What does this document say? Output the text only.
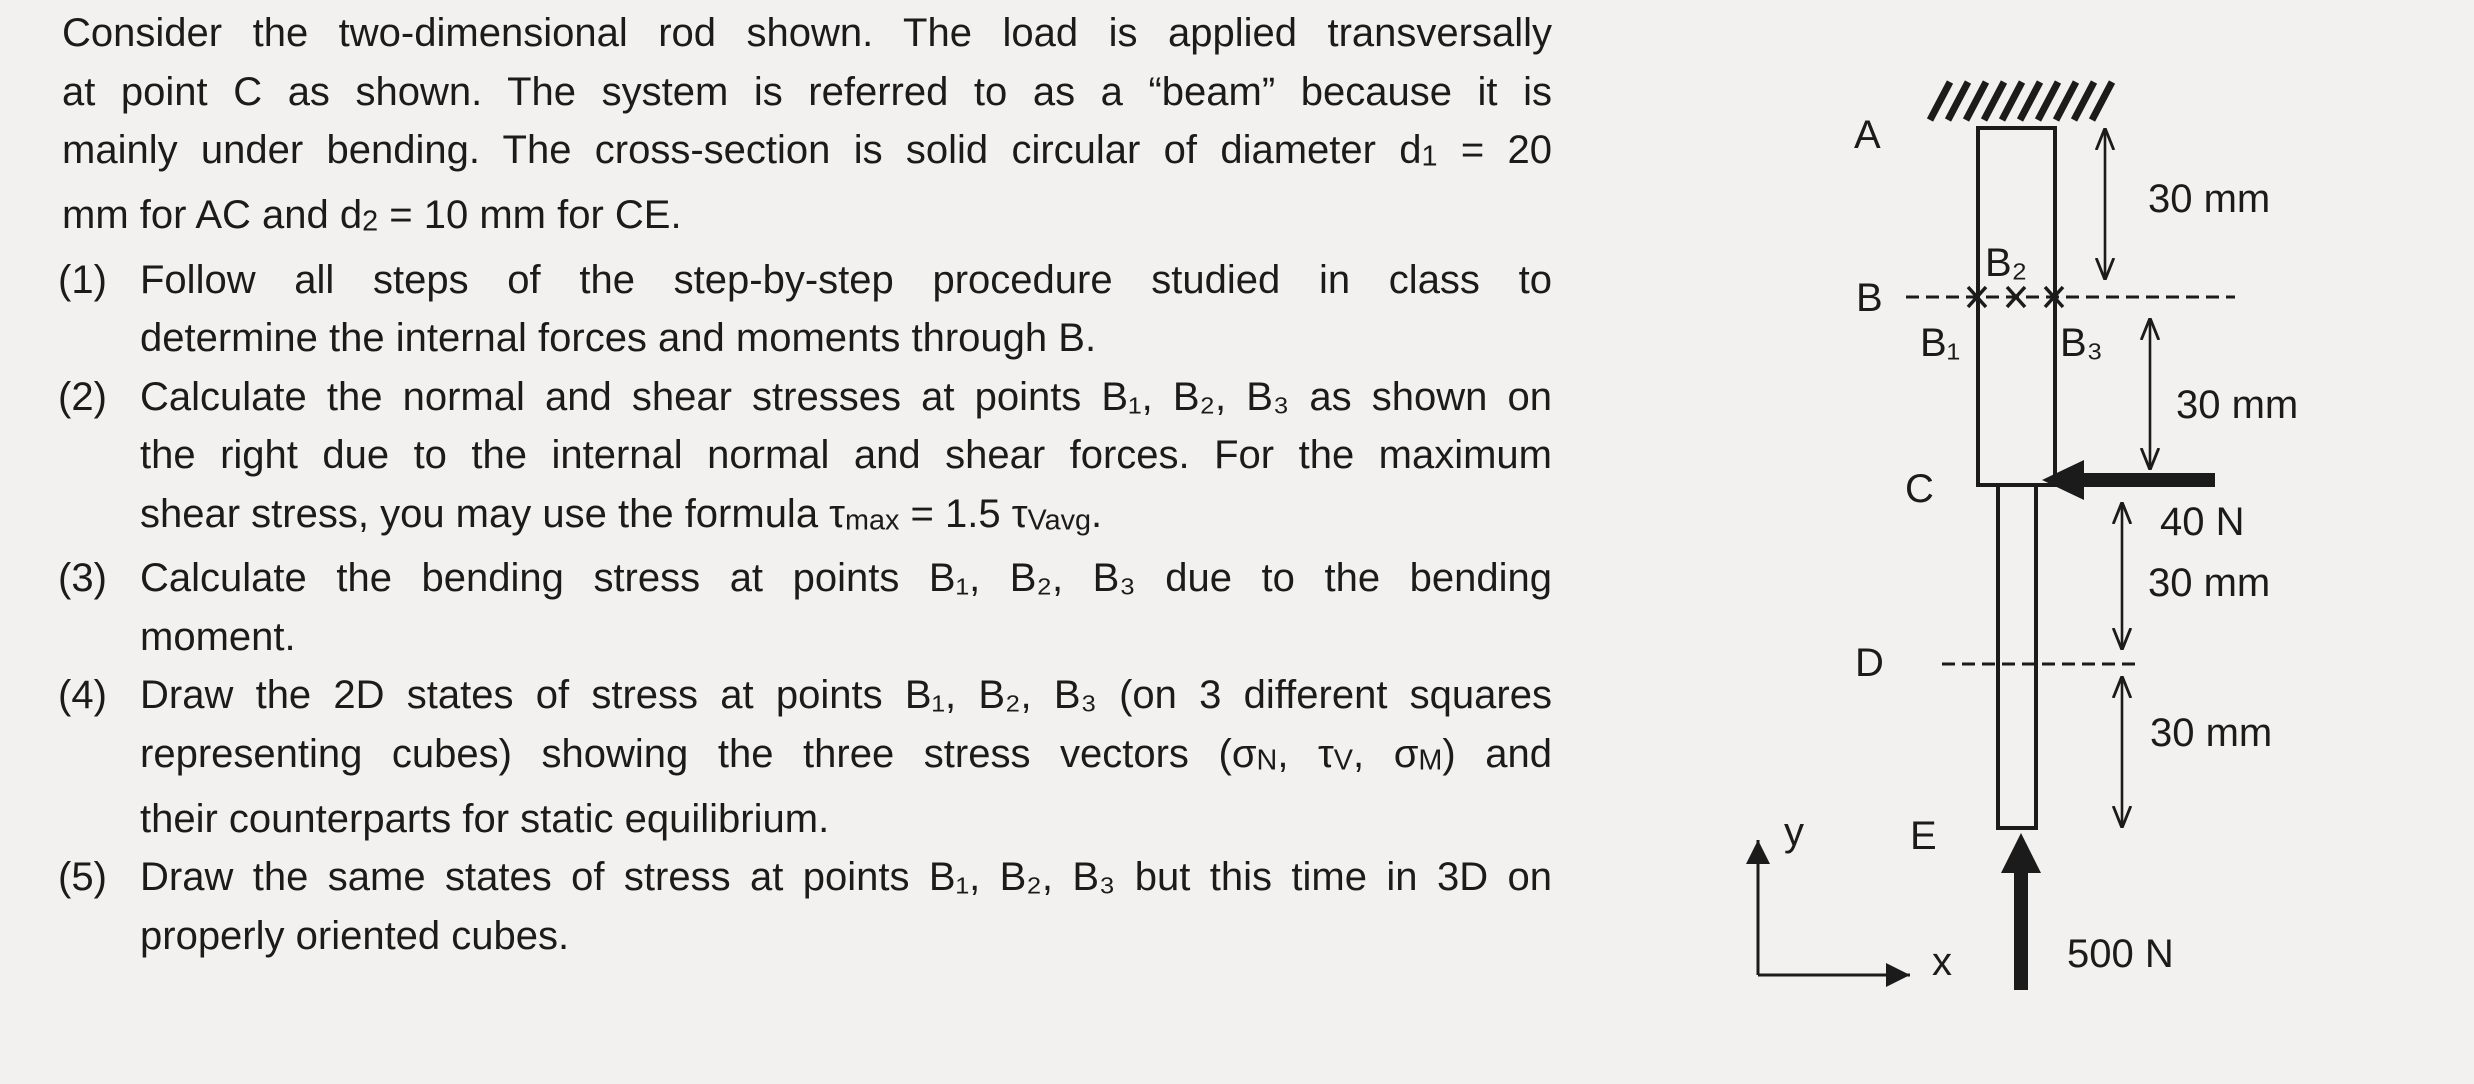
Consider the two-dimensional rod shown. The load is applied transversally
at point C as shown. The system is referred to as a “beam” because it is
mainly under bending. The cross-section is solid circular of diameter d1 = 20
mm for AC and d2 = 10 mm for CE.

(1) Follow all steps of the step-by-step procedure studied in class to
determine the internal forces and moments through B.

(2) Calculate the normal and shear stresses at points B₁, B₂, B₃ as shown on
the right due to the internal normal and shear forces. For the maximum
shear stress, you may use the formula τmax = 1.5 τVavg.

(3) Calculate the bending stress at points B₁, B₂, B₃ due to the bending
moment.

(4) Draw the 2D states of stress at points B₁, B₂, B₃ (on 3 different squares
representing cubes) showing the three stress vectors (σN, τV, σM) and
their counterparts for static equilibrium.

(5) Draw the same states of stress at points B₁, B₂, B₃ but this time in 3D on
properly oriented cubes.

A
B
C
D
E
B₁
B₂
B₃
30 mm
30 mm
30 mm
30 mm
40 N
500 N
y
x
